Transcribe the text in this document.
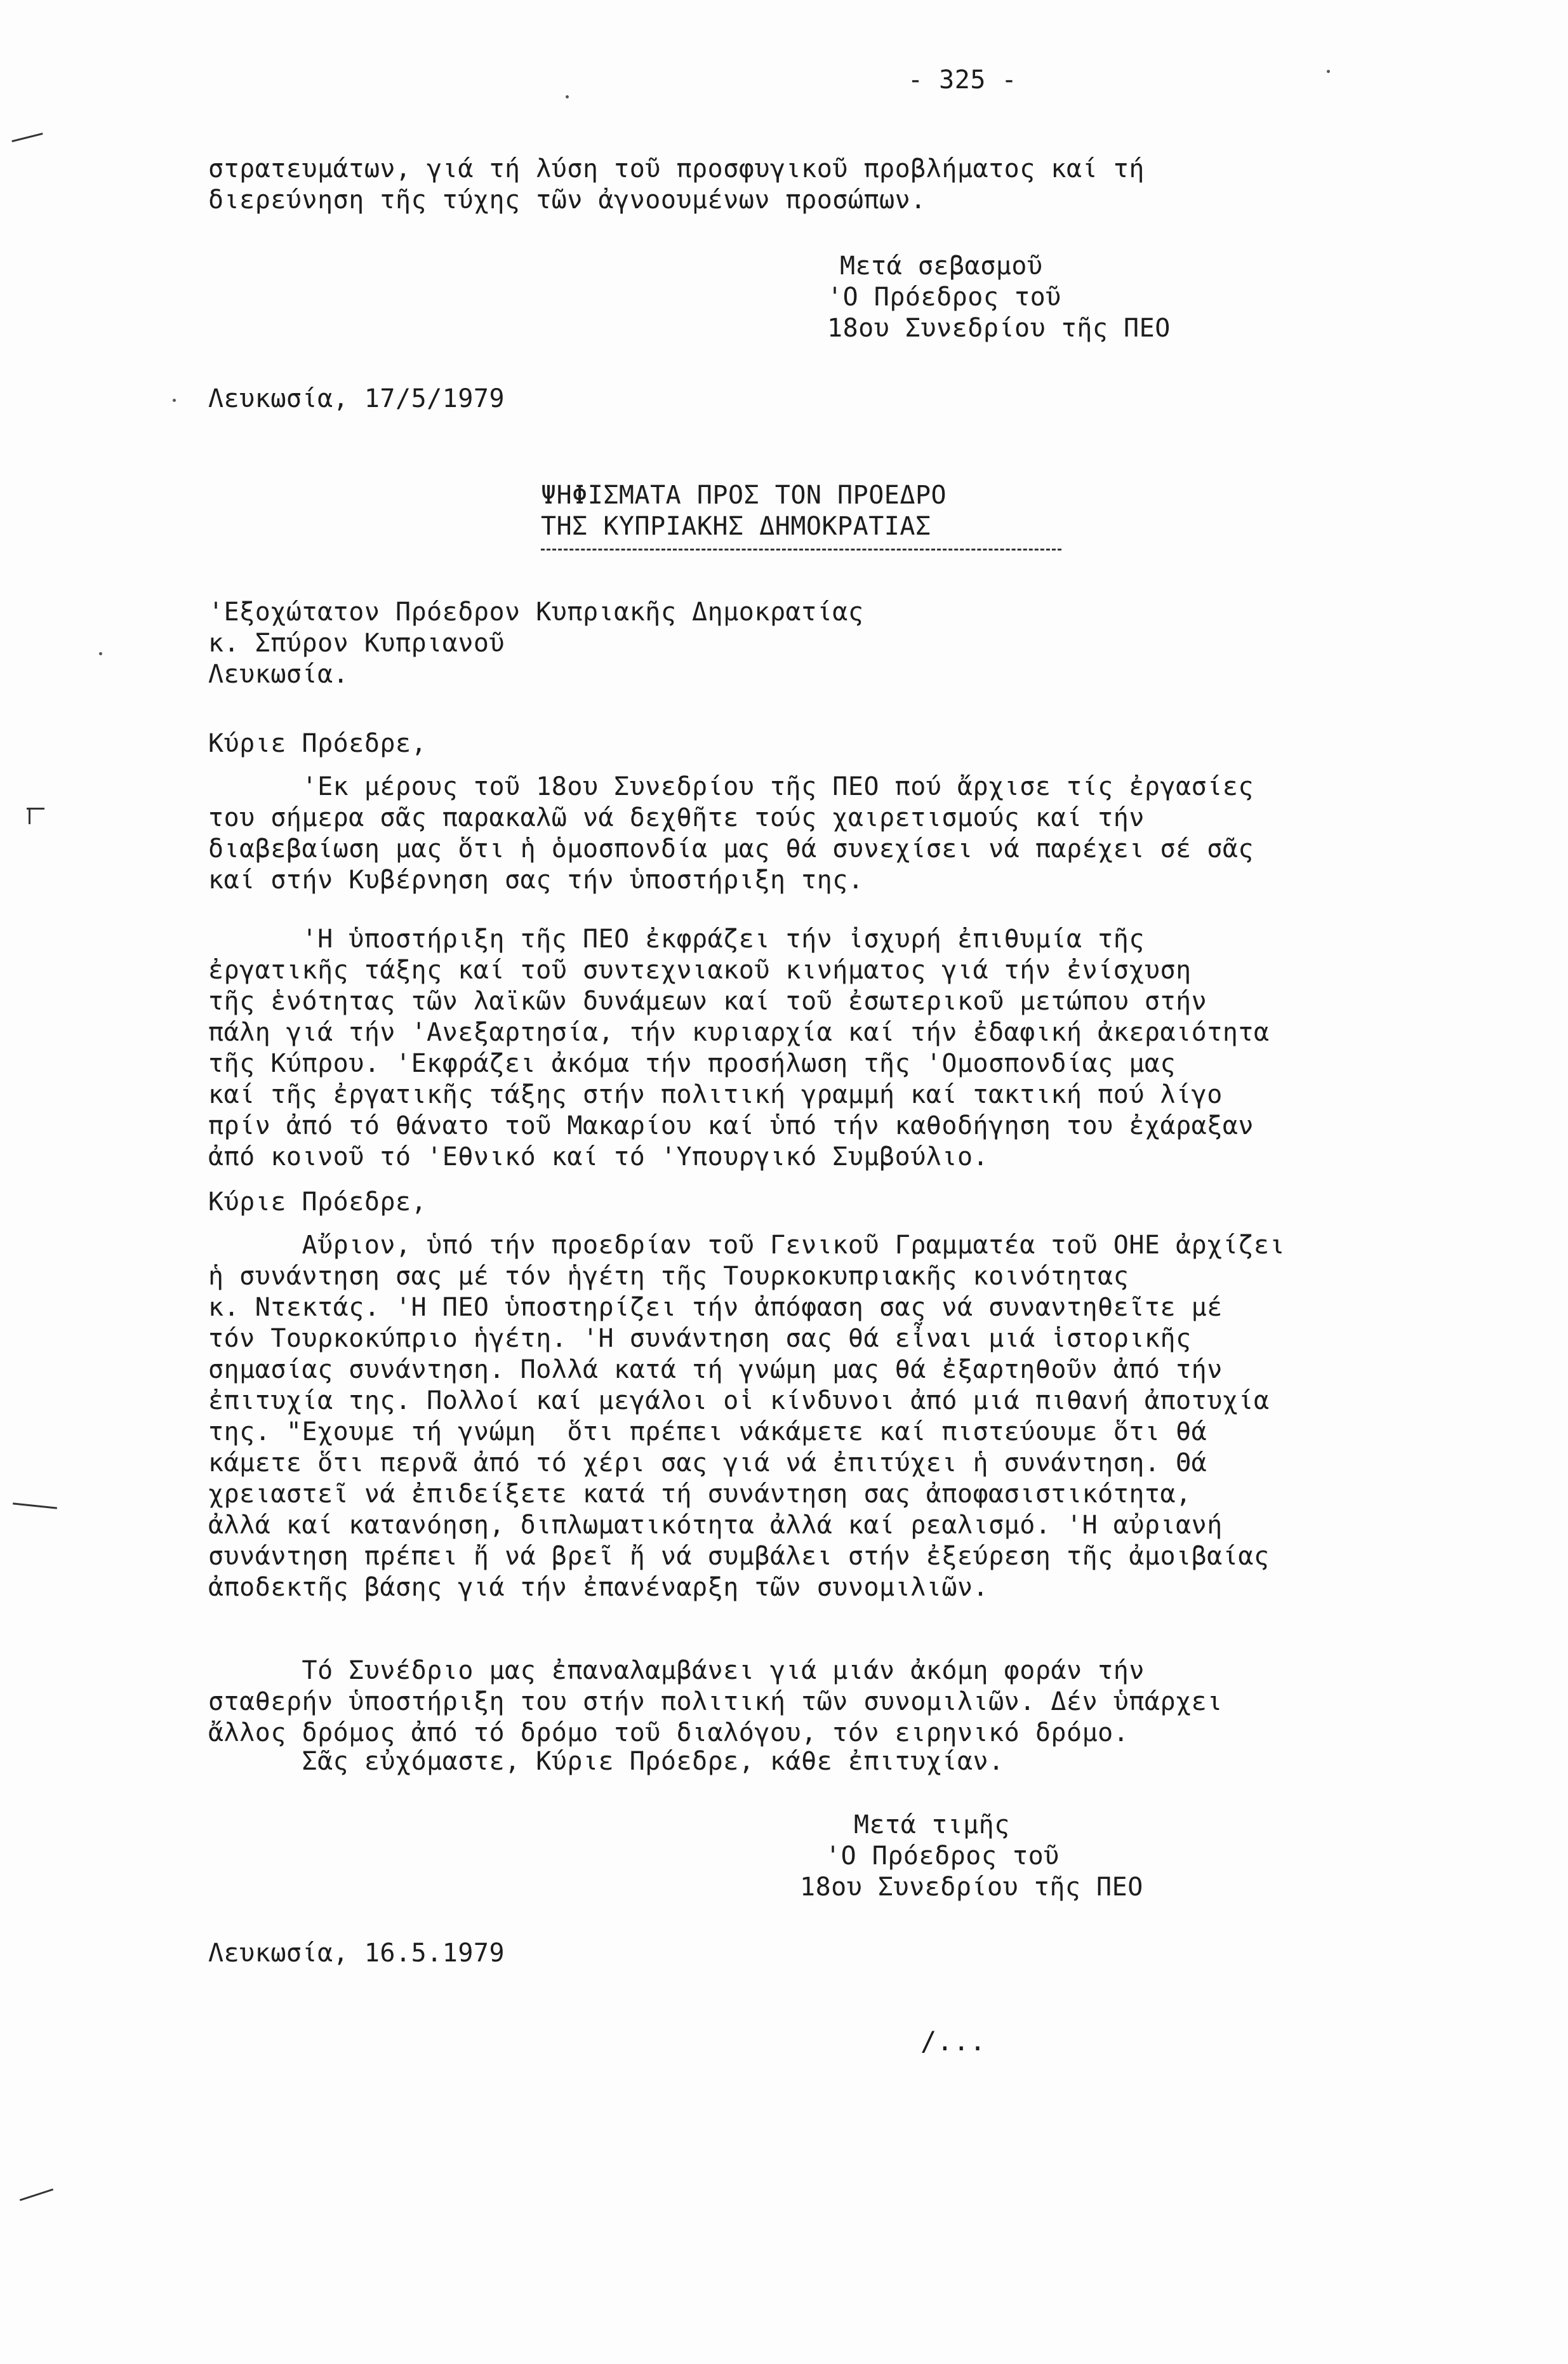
- 325 -
στρατευμάτων, γιά τή λύση τοῦ προσφυγικοῦ προβλήματος καί τή
διερεύνηση τῆς τύχης τῶν ἀγνοουμένων προσώπων.
Μετά σεβασμοῦ
'Ο Πρόεδρος τοῦ
18ου Συνεδρίου τῆς ΠΕΟ
Λευκωσία, 17/5/1979
ΨΗΦΙΣΜΑΤΑ ΠΡΟΣ ΤΟΝ ΠΡΟΕΔΡΟ
ΤΗΣ ΚΥΠΡΙΑΚΗΣ ΔΗΜΟΚΡΑΤΙΑΣ
'Εξοχώτατον Πρόεδρον Κυπριακῆς Δημοκρατίας
κ. Σπύρον Κυπριανοῦ
Λευκωσία.
Κύριε Πρόεδρε,
'Εκ μέρους τοῦ 18ου Συνεδρίου τῆς ΠΕΟ πού ἄρχισε τίς ἐργασίες
του σήμερα σᾶς παρακαλῶ νά δεχθῆτε τούς χαιρετισμούς καί τήν
διαβεβαίωση μας ὅτι ἡ ὁμοσπονδία μας θά συνεχίσει νά παρέχει σέ σᾶς
καί στήν Κυβέρνηση σας τήν ὑποστήριξη της.
'Η ὑποστήριξη τῆς ΠΕΟ ἐκφράζει τήν ἰσχυρή ἐπιθυμία τῆς
ἐργατικῆς τάξης καί τοῦ συντεχνιακοῦ κινήματος γιά τήν ἐνίσχυση
τῆς ἑνότητας τῶν λαϊκῶν δυνάμεων καί τοῦ ἐσωτερικοῦ μετώπου στήν
πάλη γιά τήν 'Ανεξαρτησία, τήν κυριαρχία καί τήν ἐδαφική ἀκεραιότητα
τῆς Κύπρου. 'Εκφράζει ἀκόμα τήν προσήλωση τῆς 'Ομοσπονδίας μας
καί τῆς ἐργατικῆς τάξης στήν πολιτική γραμμή καί τακτική πού λίγο
πρίν ἀπό τό θάνατο τοῦ Μακαρίου καί ὑπό τήν καθοδήγηση του ἐχάραξαν
ἀπό κοινοῦ τό 'Εθνικό καί τό 'Υπουργικό Συμβούλιο.
Κύριε Πρόεδρε,
Αὔριον, ὑπό τήν προεδρίαν τοῦ Γενικοῦ Γραμματέα τοῦ ΟΗΕ ἀρχίζει
ἡ συνάντηση σας μέ τόν ἡγέτη τῆς Τουρκοκυπριακῆς κοινότητας
κ. Ντεκτάς. 'Η ΠΕΟ ὑποστηρίζει τήν ἀπόφαση σας νά συναντηθεῖτε μέ
τόν Τουρκοκύπριο ἡγέτη. 'Η συνάντηση σας θά εἶναι μιά ἱστορικῆς
σημασίας συνάντηση. Πολλά κατά τή γνώμη μας θά ἐξαρτηθοῦν ἀπό τήν
ἐπιτυχία της. Πολλοί καί μεγάλοι οἱ κίνδυνοι ἀπό μιά πιθανή ἀποτυχία
της. "Εχουμε τή γνώμη  ὅτι πρέπει νάκάμετε καί πιστεύουμε ὅτι θά
κάμετε ὅτι περνᾶ ἀπό τό χέρι σας γιά νά ἐπιτύχει ἡ συνάντηση. Θά
χρειαστεῖ νά ἐπιδείξετε κατά τή συνάντηση σας ἀποφασιστικότητα,
ἀλλά καί κατανόηση, διπλωματικότητα ἀλλά καί ρεαλισμό. 'Η αὐριανή
συνάντηση πρέπει ἤ νά βρεῖ ἤ νά συμβάλει στήν ἐξεύρεση τῆς ἀμοιβαίας
ἀποδεκτῆς βάσης γιά τήν ἐπανέναρξη τῶν συνομιλιῶν.
Τό Συνέδριο μας ἐπαναλαμβάνει γιά μιάν ἀκόμη φοράν τήν
σταθερήν ὑποστήριξη του στήν πολιτική τῶν συνομιλιῶν. Δέν ὑπάρχει
ἄλλος δρόμος ἀπό τό δρόμο τοῦ διαλόγου, τόν ειρηνικό δρόμο.
Σᾶς εὐχόμαστε, Κύριε Πρόεδρε, κάθε ἐπιτυχίαν.
Μετά τιμῆς
'Ο Πρόεδρος τοῦ
18ου Συνεδρίου τῆς ΠΕΟ
Λευκωσία, 16.5.1979
/...
